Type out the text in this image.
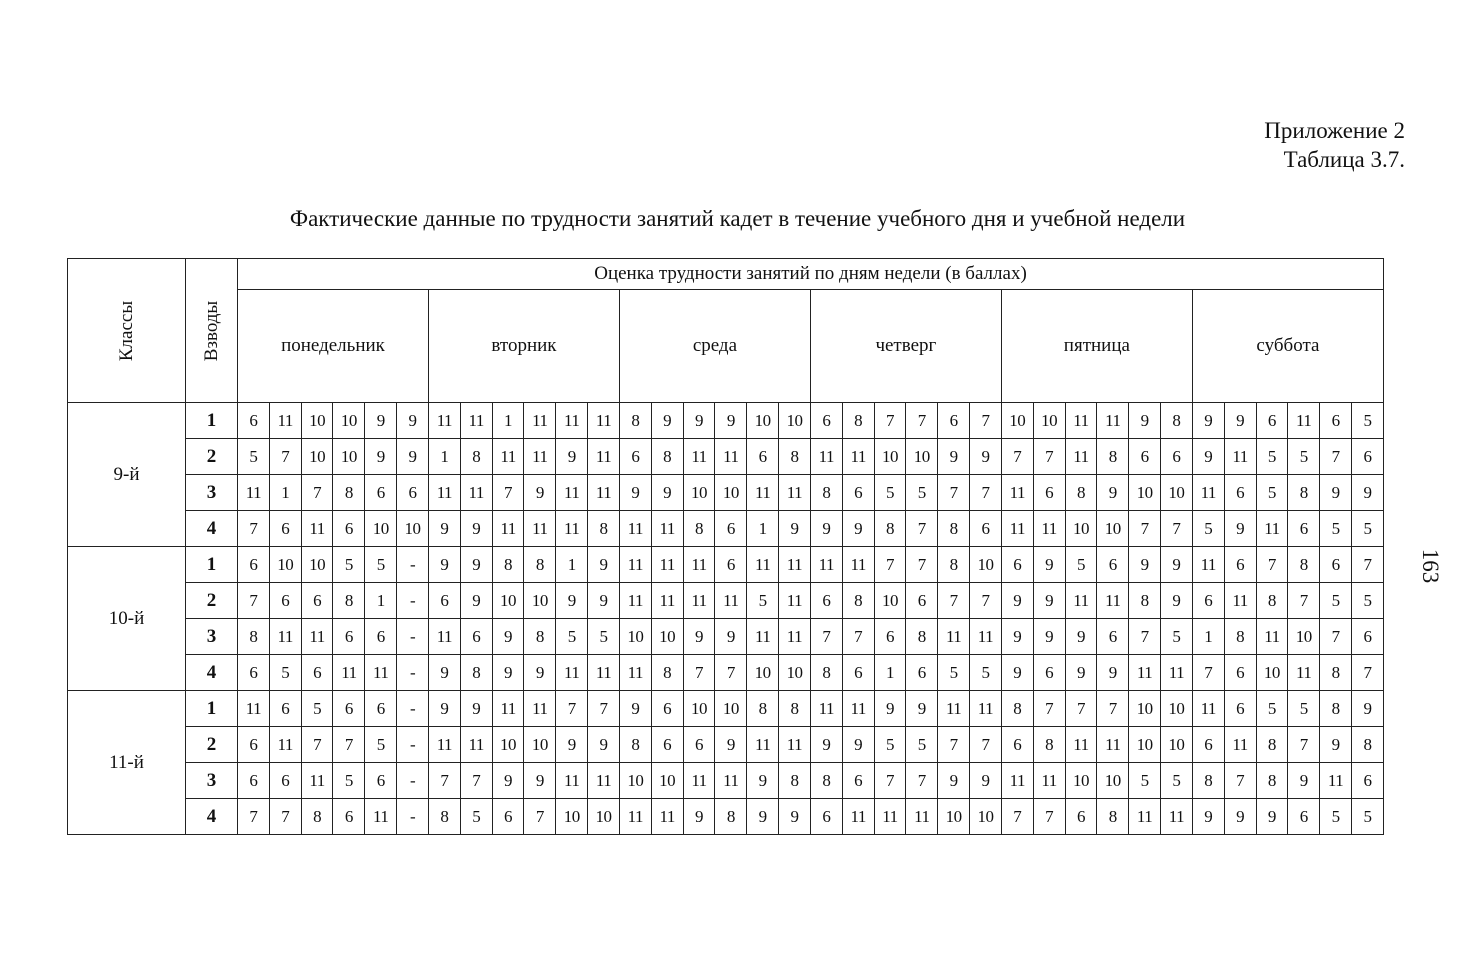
Приложение 2
Таблица 3.7.
Фактические данные по трудности занятий кадет в течение учебного дня и учебной недели
163
Классы	Взводы	Оценка трудности занятий по дням недели (в баллах)																																			
		понедельник						вторник						среда						четверг						пятница						суббота					
9-й	1	6	11	10	10	9	9	11	11	1	11	11	11	8	9	9	9	10	10	6	8	7	7	6	7	10	10	11	11	9	8	9	9	6	11	6	5
	2	5	7	10	10	9	9	1	8	11	11	9	11	6	8	11	11	6	8	11	11	10	10	9	9	7	7	11	8	6	6	9	11	5	5	7	6
	3	11	1	7	8	6	6	11	11	7	9	11	11	9	9	10	10	11	11	8	6	5	5	7	7	11	6	8	9	10	10	11	6	5	8	9	9
	4	7	6	11	6	10	10	9	9	11	11	11	8	11	11	8	6	1	9	9	9	8	7	8	6	11	11	10	10	7	7	5	9	11	6	5	5
10-й	1	6	10	10	5	5	-	9	9	8	8	1	9	11	11	11	6	11	11	11	11	7	7	8	10	6	9	5	6	9	9	11	6	7	8	6	7
	2	7	6	6	8	1	-	6	9	10	10	9	9	11	11	11	11	5	11	6	8	10	6	7	7	9	9	11	11	8	9	6	11	8	7	5	5
	3	8	11	11	6	6	-	11	6	9	8	5	5	10	10	9	9	11	11	7	7	6	8	11	11	9	9	9	6	7	5	1	8	11	10	7	6
	4	6	5	6	11	11	-	9	8	9	9	11	11	11	8	7	7	10	10	8	6	1	6	5	5	9	6	9	9	11	11	7	6	10	11	8	7
11-й	1	11	6	5	6	6	-	9	9	11	11	7	7	9	6	10	10	8	8	11	11	9	9	11	11	8	7	7	7	10	10	11	6	5	5	8	9
	2	6	11	7	7	5	-	11	11	10	10	9	9	8	6	6	9	11	11	9	9	5	5	7	7	6	8	11	11	10	10	6	11	8	7	9	8
	3	6	6	11	5	6	-	7	7	9	9	11	11	10	10	11	11	9	8	8	6	7	7	9	9	11	11	10	10	5	5	8	7	8	9	11	6
	4	7	7	8	6	11	-	8	5	6	7	10	10	11	11	9	8	9	9	6	11	11	11	10	10	7	7	6	8	11	11	9	9	9	6	5	5
